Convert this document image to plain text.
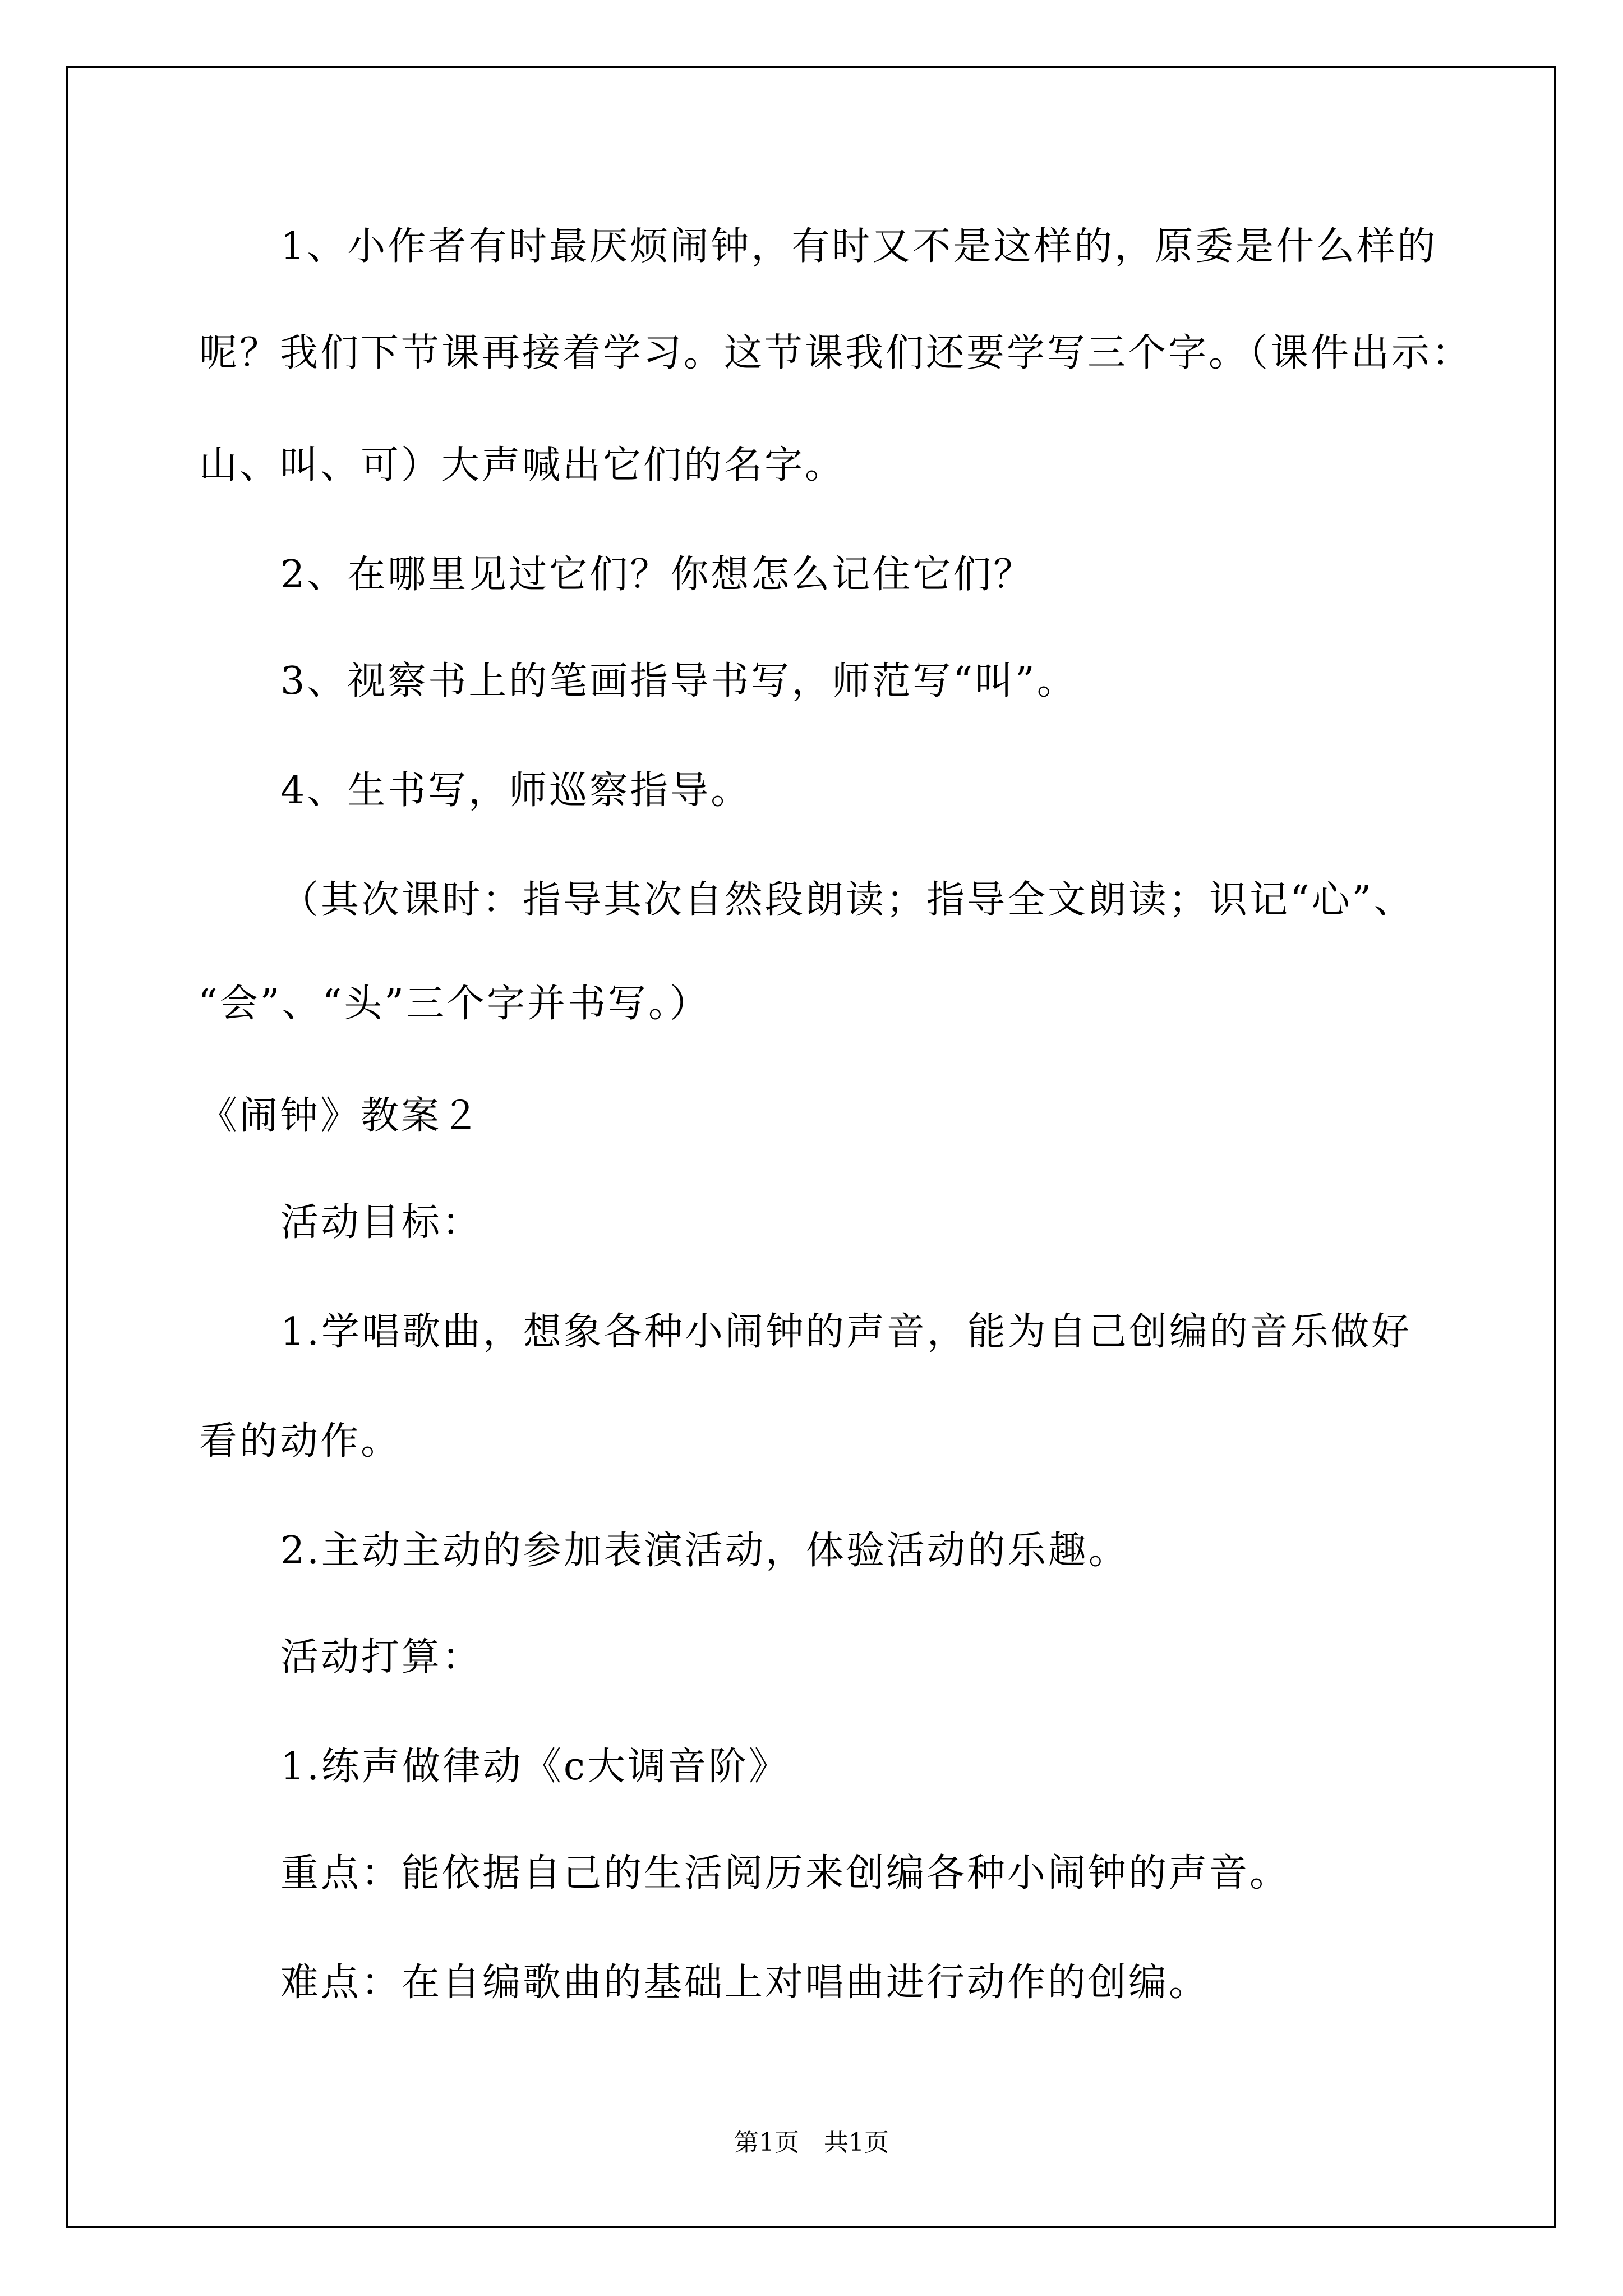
1、小作者有时最厌烦闹钟，有时又不是这样的，原委是什么样的
呢？我们下节课再接着学习。这节课我们还要学写三个字。（课件出示：
山、叫、可）大声喊出它们的名字。
2、在哪里见过它们？你想怎么记住它们？
3、视察书上的笔画指导书写，师范写“叫”。
4、生书写，师巡察指导。
（其次课时：指导其次自然段朗读；指导全文朗读；识记“心”、
“会”、“头”三个字并书写。）
《闹钟》教案２
活动目标：
1.学唱歌曲，想象各种小闹钟的声音，能为自己创编的音乐做好
看的动作。
2.主动主动的参加表演活动，体验活动的乐趣。
活动打算：
1.练声做律动《c大调音阶》
重点：能依据自己的生活阅历来创编各种小闹钟的声音。
难点：在自编歌曲的基础上对唱曲进行动作的创编。
第1页　共1页
